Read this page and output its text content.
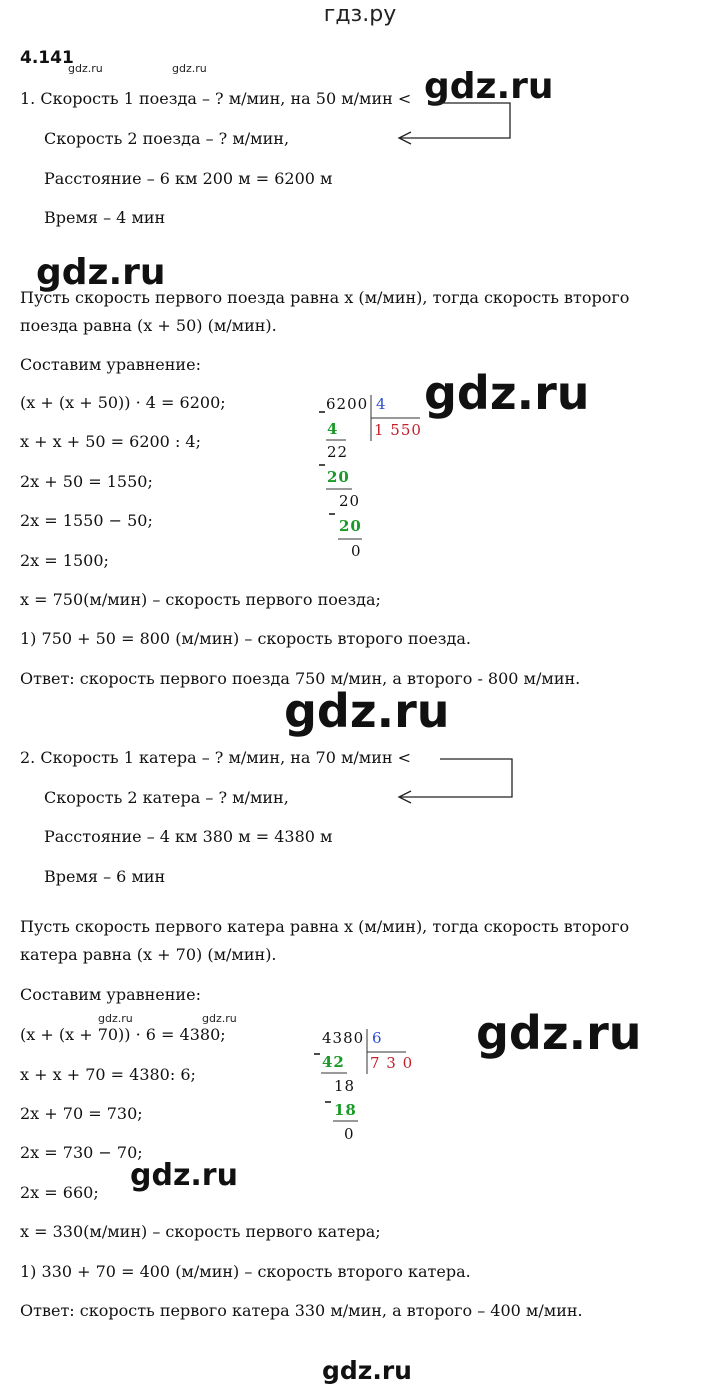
гдз.ру
4.141
gdz.ru	gdz.ru	gdz.ru
gdz.ru
gdz.ru
gdz.ru
gdz.ru
gdz.ru
gdz.ru
1. Скорость 1 поезда – ? м/мин, на 50 м/мин <
Скорость 2 поезда – ? м/мин,
Расстояние – 6 км 200 м = 6200 м
Время – 4 мин
Пусть скорость первого поезда равна x (м/мин), тогда скорость второго
поезда равна (x + 50) (м/мин).
Составим уравнение:
(x + (x + 50)) · 4 = 6200;
x + x + 50 = 6200 : 4;
2x + 50 = 1550;
2x = 1550 − 50;
2x = 1500;
x = 750(м/мин) – скорость первого поезда;
1) 750 + 50 = 800 (м/мин) – скорость второго поезда.
Ответ: скорость первого поезда 750 м/мин, а второго - 800 м/мин.
6200 4
1 550
4
22
20
20
20
0
2. Скорость 1 катера – ? м/мин, на 70 м/мин <
Скорость 2 катера – ? м/мин,
Расстояние – 4 км 380 м = 4380 м
Время – 6 мин
Пусть скорость первого катера равна x (м/мин), тогда скорость второго
катера равна (x + 70) (м/мин).
Составим уравнение:
gdz.ru	gdz.ru
(x + (x + 70)) · 6 = 4380;
x + x + 70 = 4380: 6;
2x + 70 = 730;
2x = 730 − 70;
2x = 660;
x = 330(м/мин) – скорость первого катера;
1) 330 + 70 = 400 (м/мин) – скорость второго катера.
Ответ: скорость первого катера 330 м/мин, а второго – 400 м/мин.
4380 6
7 3 0
42
18
18
0
